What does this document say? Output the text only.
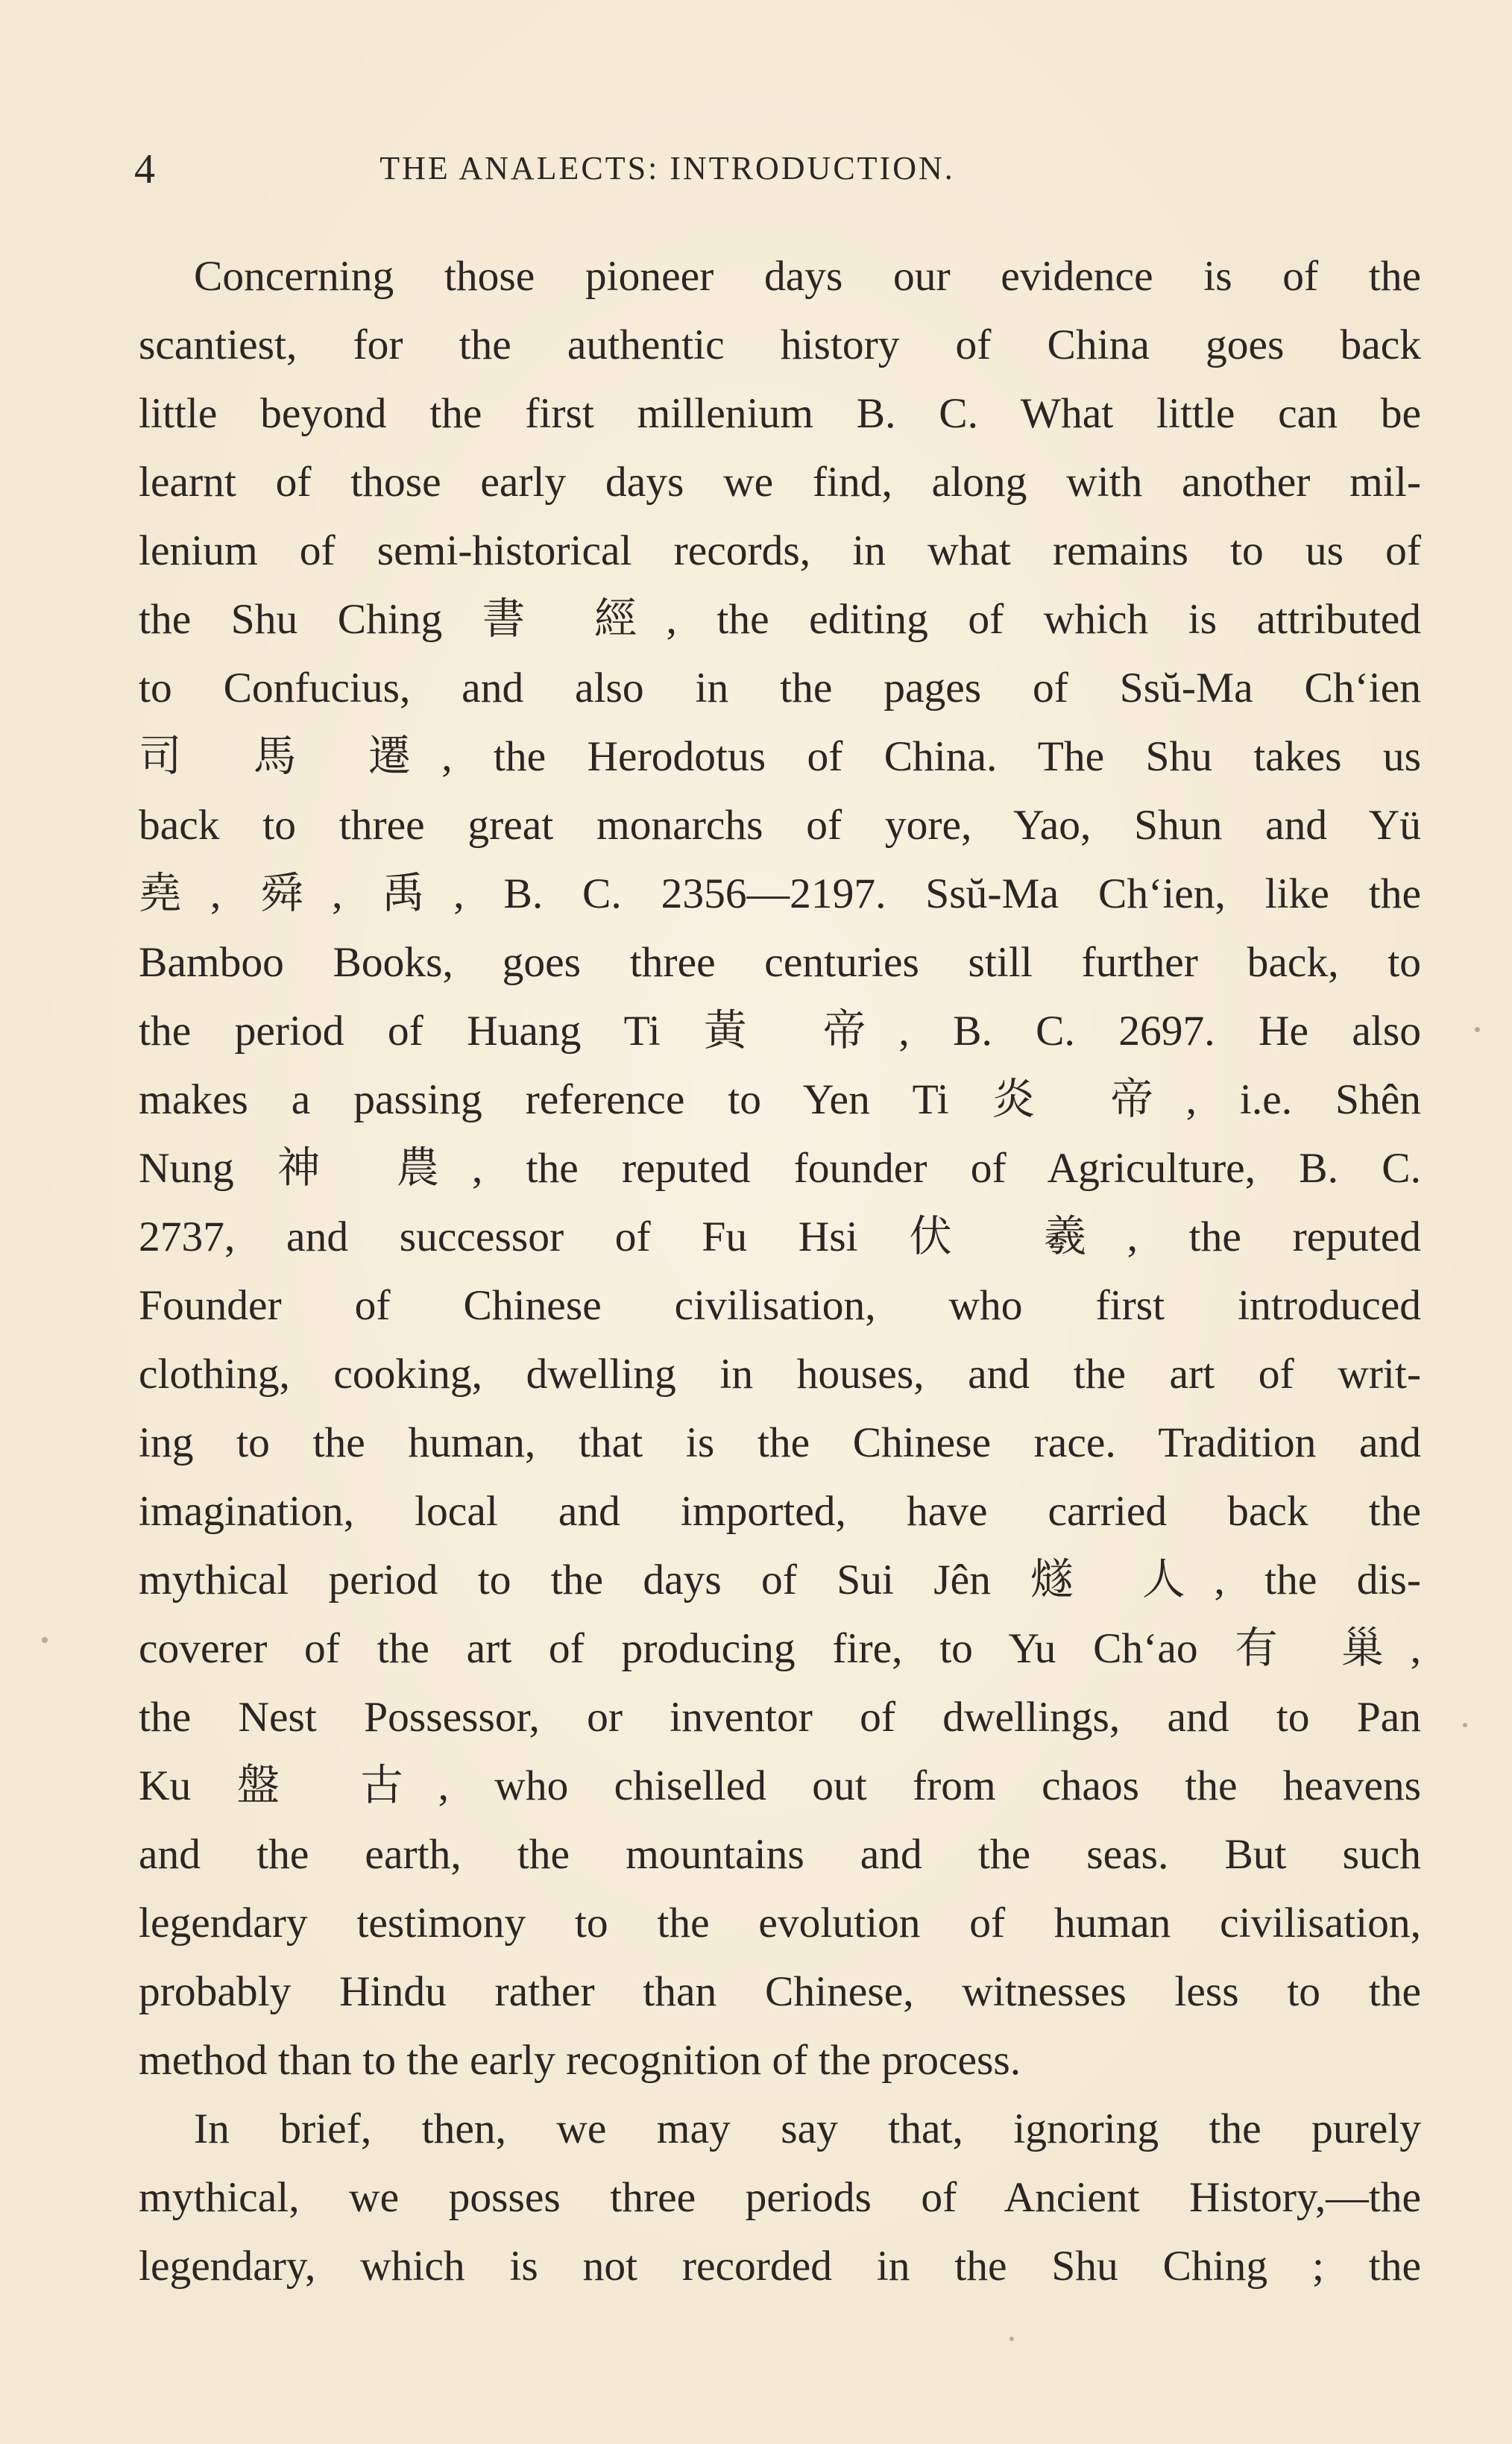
4	THE ANALECTS: INTRODUCTION.
Concerning those pioneer days our evidence is of the
scantiest, for the authentic history of China goes back
little beyond the first millenium B. C. What little can be
learnt of those early days we find, along with another mil-
lenium of semi-historical records, in what remains to us of
the Shu Ching 書 經, the editing of which is attributed
to Confucius, and also in the pages of Ssŭ-Ma Ch‘ien
司 馬 遷, the Herodotus of China. The Shu takes us
back to three great monarchs of yore, Yao, Shun and Yü
堯, 舜, 禹, B. C. 2356—2197. Ssŭ-Ma Ch‘ien, like the
Bamboo Books, goes three centuries still further back, to
the period of Huang Ti 黃 帝, B. C. 2697. He also
makes a passing reference to Yen Ti 炎 帝, i.e. Shên
Nung 神 農, the reputed founder of Agriculture, B. C.
2737, and successor of Fu Hsi 伏 羲, the reputed
Founder of Chinese civilisation, who first introduced
clothing, cooking, dwelling in houses, and the art of writ-
ing to the human, that is the Chinese race. Tradition and
imagination, local and imported, have carried back the
mythical period to the days of Sui Jên 燧 人, the dis-
coverer of the art of producing fire, to Yu Ch‘ao 有 巢,
the Nest Possessor, or inventor of dwellings, and to Pan
Ku 盤 古, who chiselled out from chaos the heavens
and the earth, the mountains and the seas. But such
legendary testimony to the evolution of human civilisation,
probably Hindu rather than Chinese, witnesses less to the
method than to the early recognition of the process.
In brief, then, we may say that, ignoring the purely
mythical, we posses three periods of Ancient History,—the
legendary, which is not recorded in the Shu Ching ; the
